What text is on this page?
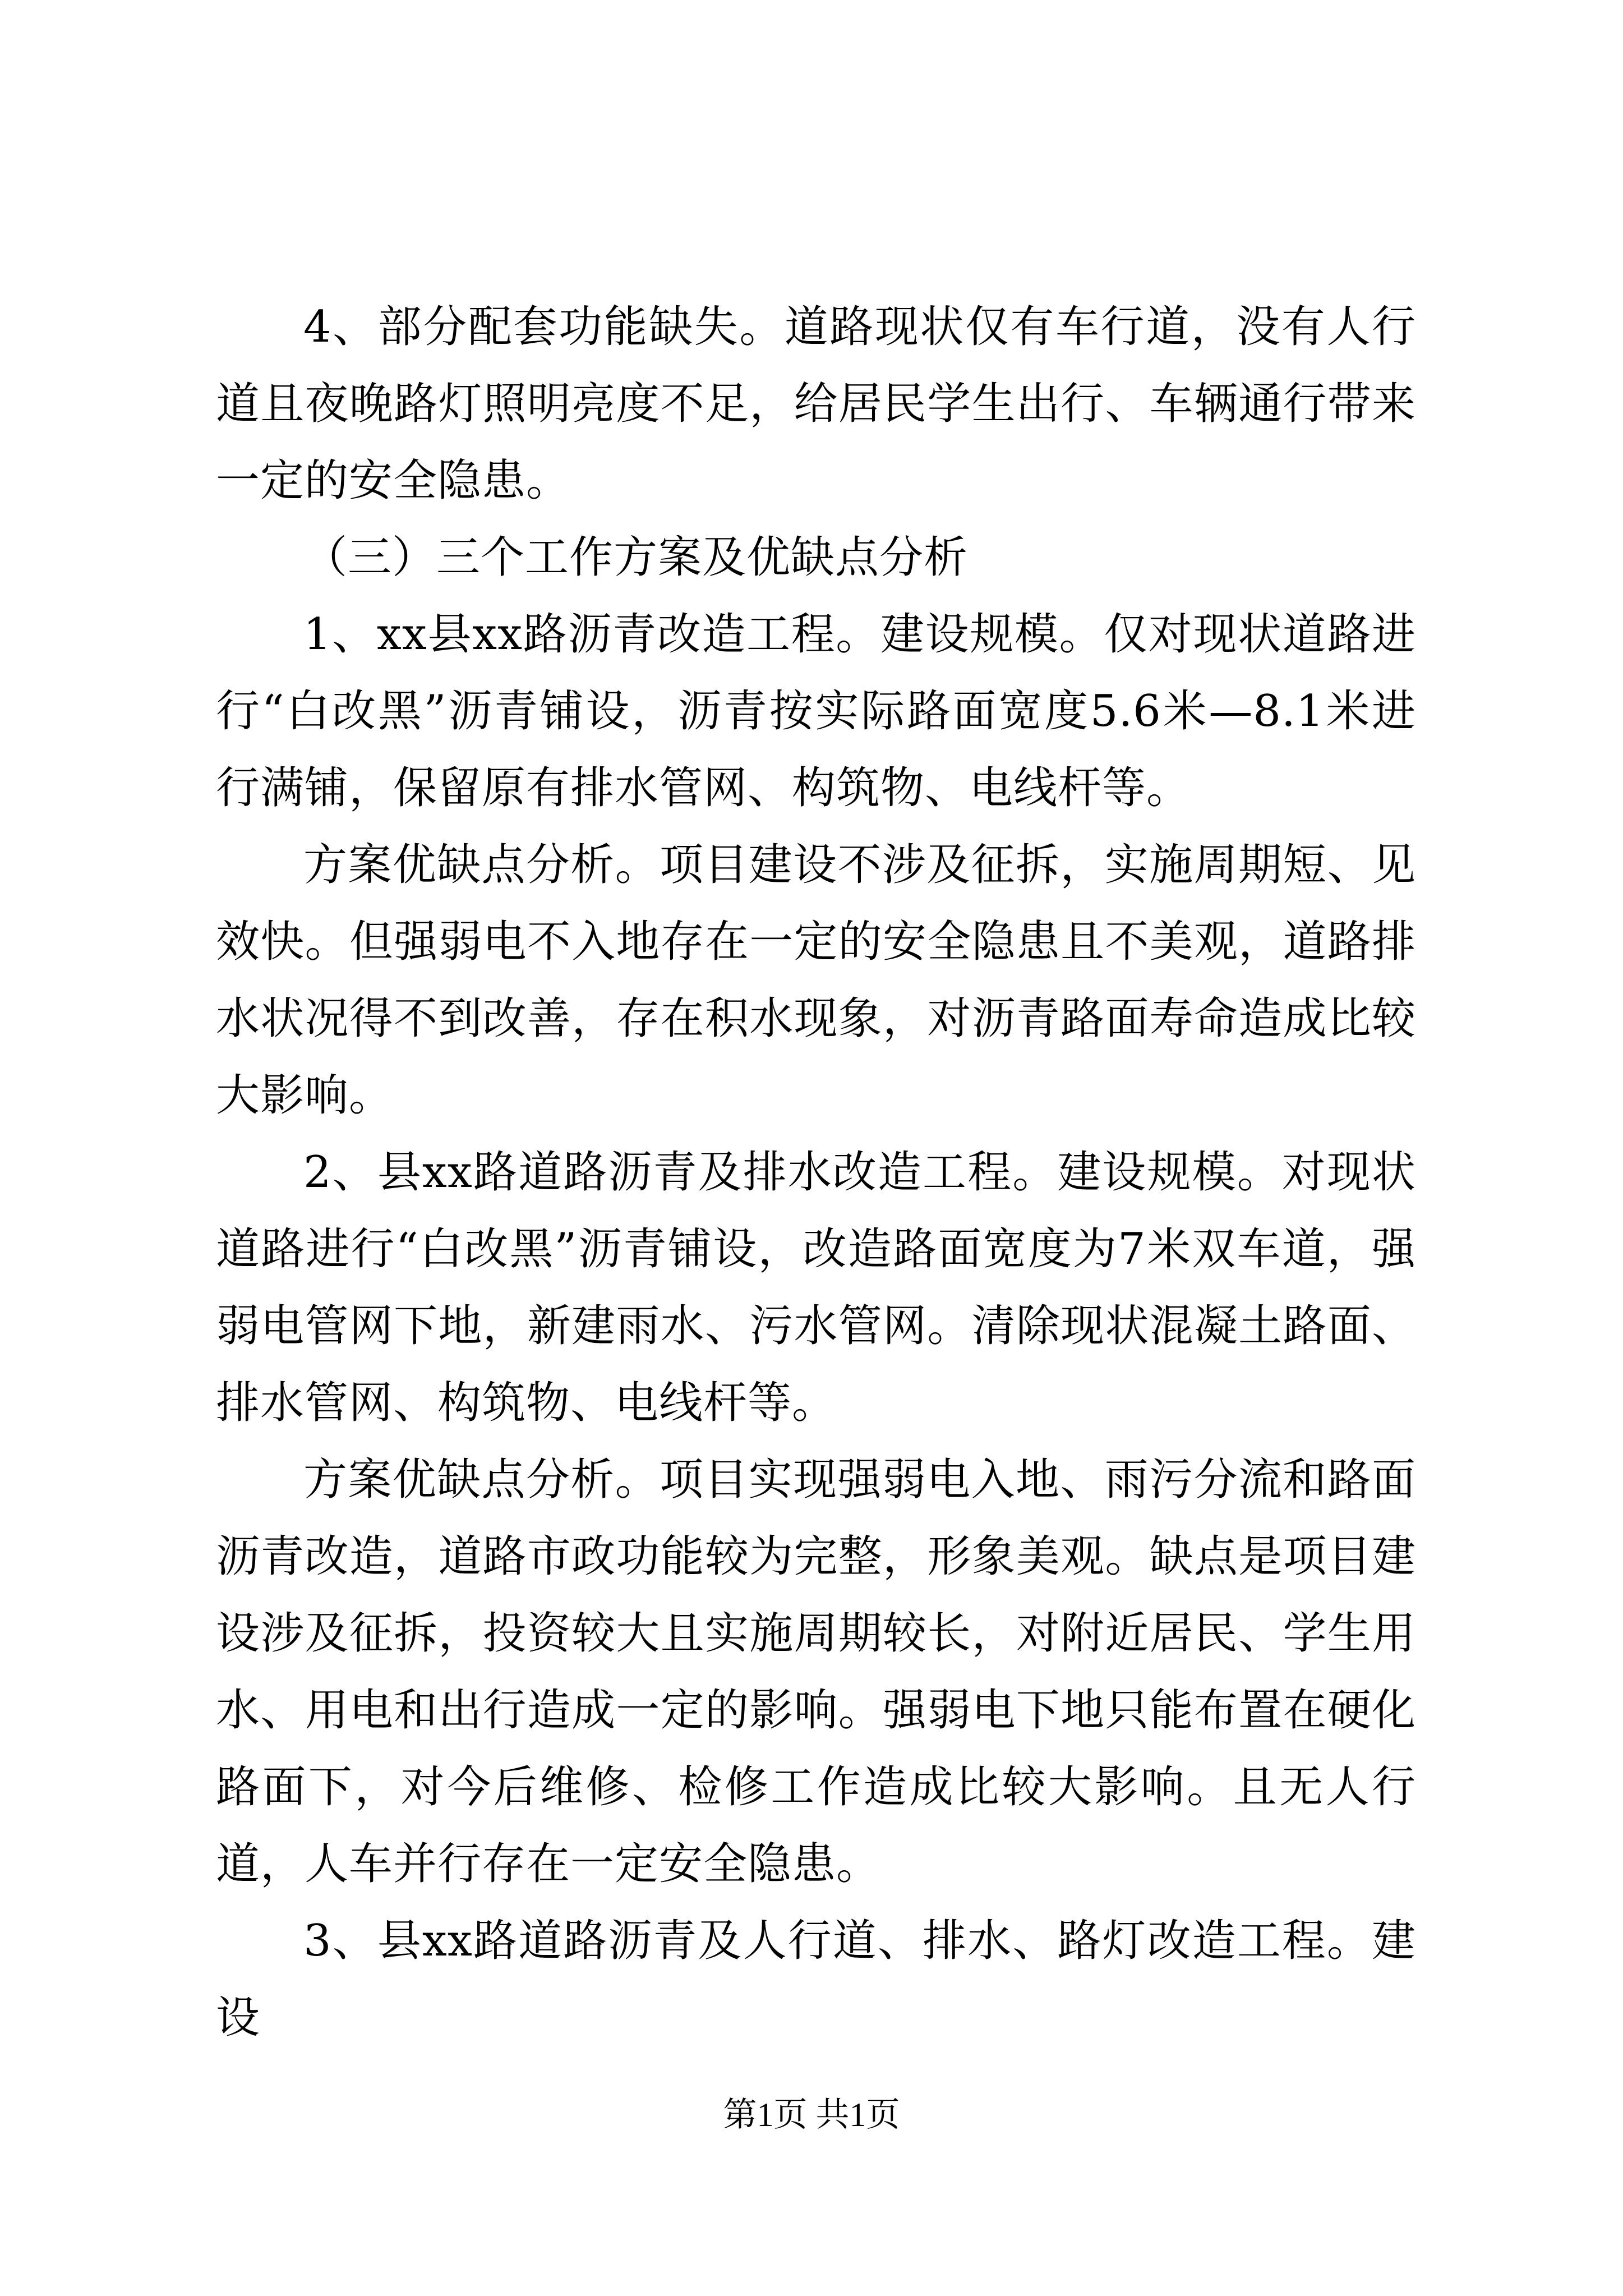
4、部分配套功能缺失。道路现状仅有车行道，没有人行道且夜晚路灯照明亮度不足，给居民学生出行、车辆通行带来一定的安全隐患。

（三）三个工作方案及优缺点分析

1、xx县xx路沥青改造工程。建设规模。仅对现状道路进行“白改黑”沥青铺设，沥青按实际路面宽度5.6米—8.1米进行满铺，保留原有排水管网、构筑物、电线杆等。

方案优缺点分析。项目建设不涉及征拆，实施周期短、见效快。但强弱电不入地存在一定的安全隐患且不美观，道路排水状况得不到改善，存在积水现象，对沥青路面寿命造成比较大影响。

2、县xx路道路沥青及排水改造工程。建设规模。对现状道路进行“白改黑”沥青铺设，改造路面宽度为7米双车道，强弱电管网下地，新建雨水、污水管网。清除现状混凝土路面、排水管网、构筑物、电线杆等。

方案优缺点分析。项目实现强弱电入地、雨污分流和路面沥青改造，道路市政功能较为完整，形象美观。缺点是项目建设涉及征拆，投资较大且实施周期较长，对附近居民、学生用水、用电和出行造成一定的影响。强弱电下地只能布置在硬化路面下，对今后维修、检修工作造成比较大影响。且无人行道，人车并行存在一定安全隐患。

3、县xx路道路沥青及人行道、排水、路灯改造工程。建设

第1页 共1页
